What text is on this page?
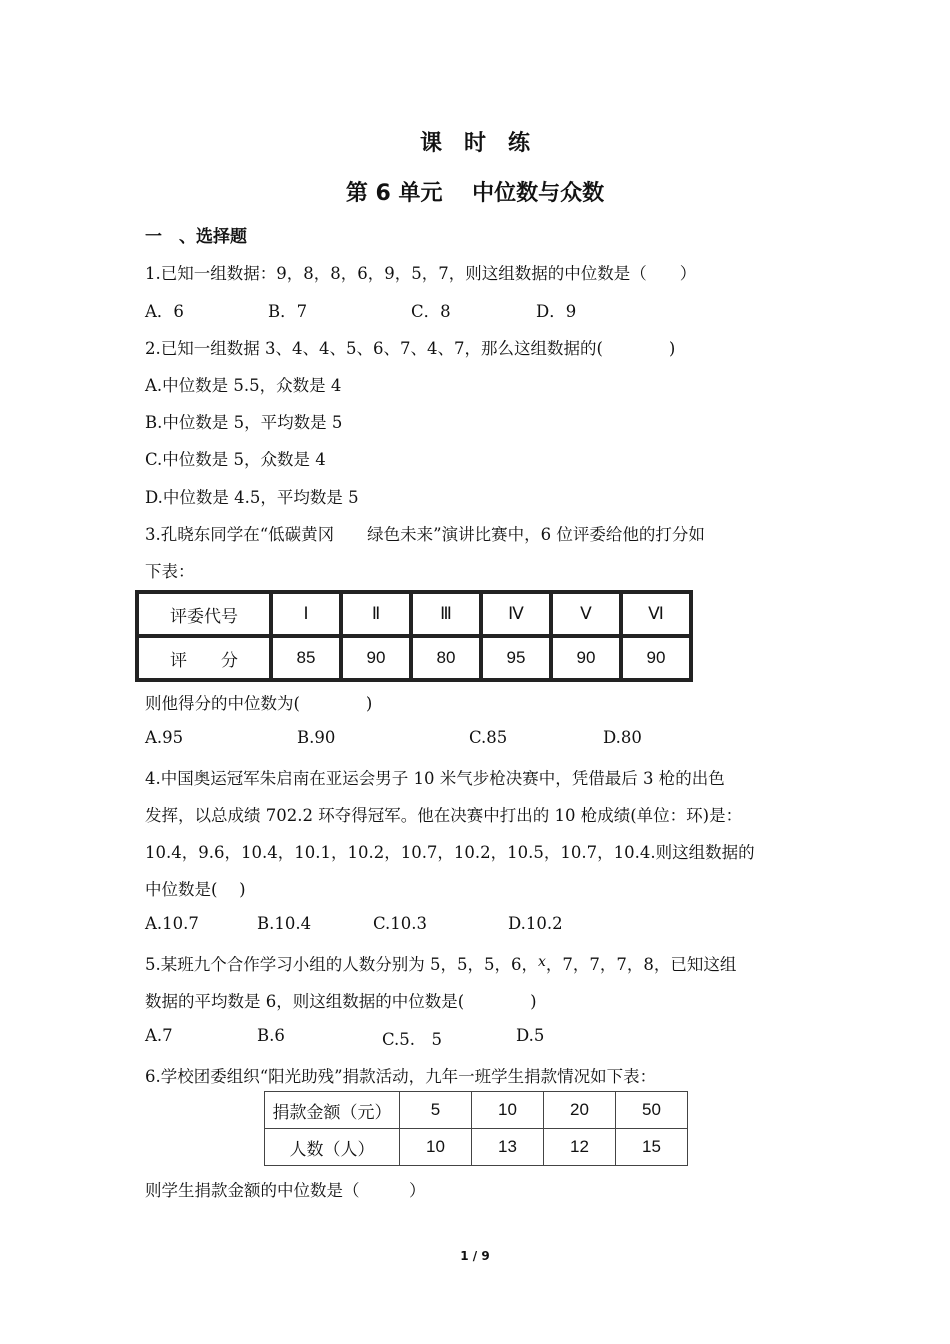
课　时　练
第 6 单元　 中位数与众数
一　、选择题
1.已知一组数据：9，8，8，6，9，5，7，则这组数据的中位数是（　　）
A．6	B．7	C．8	D．9
2.已知一组数据 3、4、4、5、6、7、4、7，那么这组数据的(　　　　)
A.中位数是 5.5，众数是 4
B.中位数是 5，平均数是 5
C.中位数是 5，众数是 4
D.中位数是 4.5，平均数是 5
3.孔晓东同学在“低碳黄冈　　绿色未来”演讲比赛中，6 位评委给他的打分如
下表：
评委代号	Ⅰ	Ⅱ	Ⅲ	Ⅳ	Ⅴ	Ⅵ
评　　分	85	90	80	95	90	90
则他得分的中位数为(　　　　)
A.95	B.90	C.85	D.80
4.中国奥运冠军朱启南在亚运会男子 10 米气步枪决赛中，凭借最后 3 枪的出色
发挥，以总成绩 702.2 环夺得冠军。他在决赛中打出的 10 枪成绩(单位：环)是：
10.4，9.6，10.4，10.1，10.2，10.7，10.2，10.5，10.7，10.4.则这组数据的
中位数是(　 )
A.10.7	B.10.4	C.10.3	D.10.2
5.某班九个合作学习小组的人数分别为 5，5，5，6，$^x$，7，7，7，8，已知这组
数据的平均数是 6，则这组数据的中位数是(　　　　)
A.7	B.6	C.5.　5	D.5
6.学校团委组织“阳光助残”捐款活动，九年一班学生捐款情况如下表：
捐款金额（元）	5	10	20	50
人数（人）	10	13	12	15
则学生捐款金额的中位数是（　　　）
1 / 9
